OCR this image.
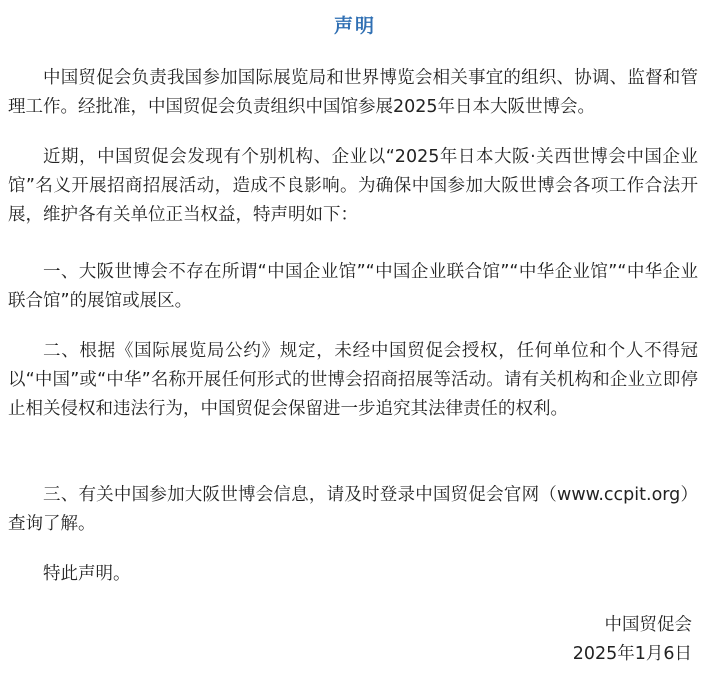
声明

中国贸促会负责我国参加国际展览局和世界博览会相关事宜的组织、协调、监督和管理工作。经批准，中国贸促会负责组织中国馆参展2025年日本大阪世博会。

近期，中国贸促会发现有个别机构、企业以“2025年日本大阪·关西世博会中国企业馆”名义开展招商招展活动，造成不良影响。为确保中国参加大阪世博会各项工作合法开展，维护各有关单位正当权益，特声明如下：

一、大阪世博会不存在所谓“中国企业馆”“中国企业联合馆”“中华企业馆”“中华企业联合馆”的展馆或展区。

二、根据《国际展览局公约》规定，未经中国贸促会授权，任何单位和个人不得冠以“中国”或“中华”名称开展任何形式的世博会招商招展等活动。请有关机构和企业立即停止相关侵权和违法行为，中国贸促会保留进一步追究其法律责任的权利。

三、有关中国参加大阪世博会信息，请及时登录中国贸促会官网（www.ccpit.org）查询了解。

特此声明。

中国贸促会
2025年1月6日
